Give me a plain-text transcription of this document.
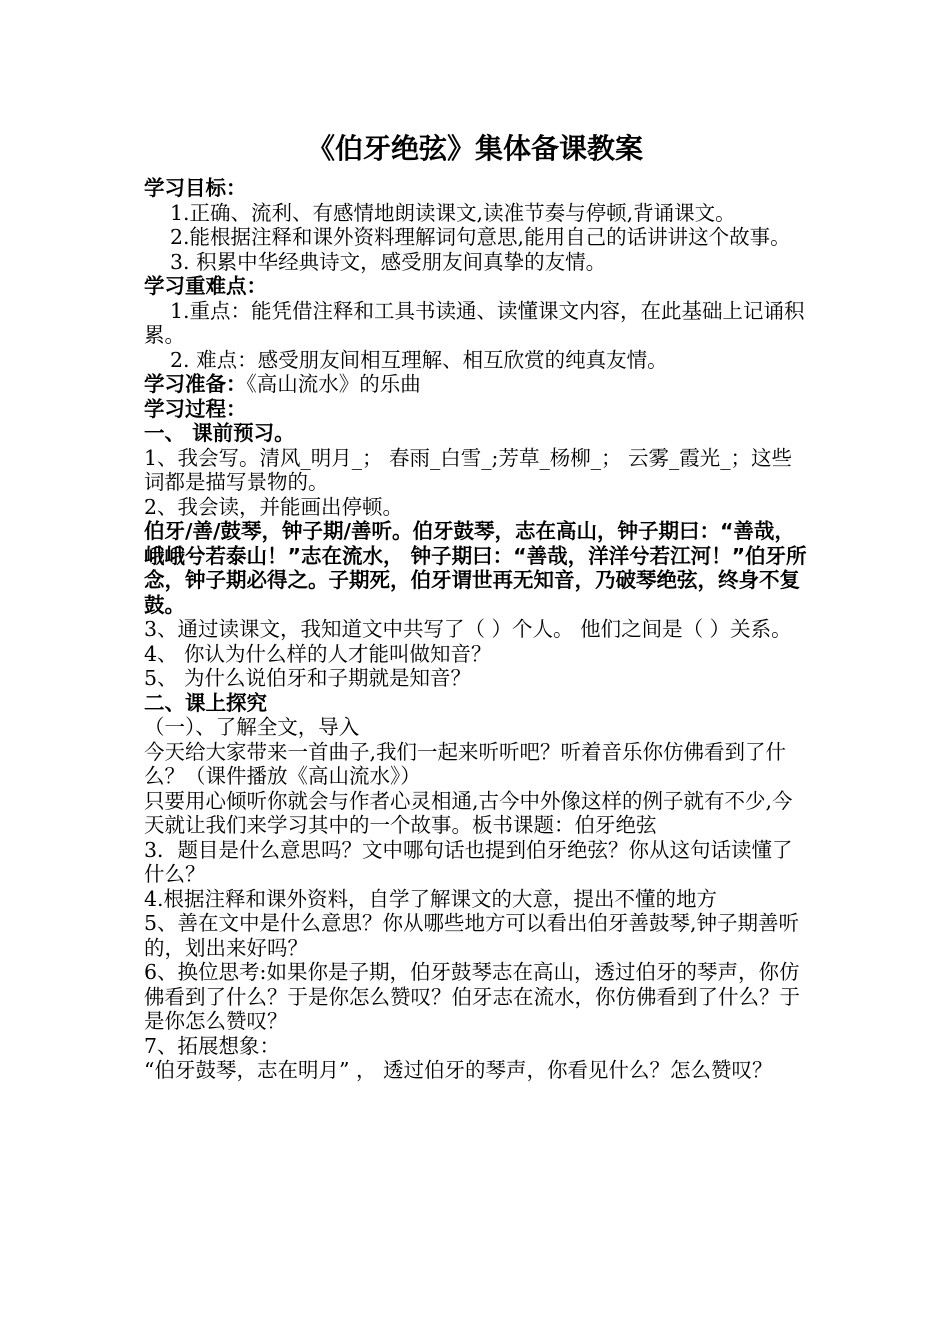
《伯牙绝弦》集体备课教案

学习目标：

1.正确、流利、有感情地朗读课文,读准节奏与停顿,背诵课文。

2.能根据注释和课外资料理解词句意思,能用自己的话讲讲这个故事。

3. 积累中华经典诗文，感受朋友间真挚的友情。

学习重难点：

1.重点：能凭借注释和工具书读通、读懂课文内容，在此基础上记诵积累。

2. 难点：感受朋友间相互理解、相互欣赏的纯真友情。

学习准备：《高山流水》的乐曲

学习过程：

一、 课前预习。

1、我会写。清风_明月_； 春雨_白雪_;芳草_杨柳_； 云雾_霞光_；这些词都是描写景物的。

2、我会读，并能画出停顿。

伯牙/善/鼓琴，钟子期/善听。伯牙鼓琴，志在高山，钟子期曰：“善哉，峨峨兮若泰山！”志在流水， 钟子期曰：“善哉，洋洋兮若江河！”伯牙所念，钟子期必得之。子期死，伯牙谓世再无知音，乃破琴绝弦，终身不复鼓。

3、通过读课文，我知道文中共写了（ ）个人。 他们之间是（ ）关系。

4、 你认为什么样的人才能叫做知音？

5、 为什么说伯牙和子期就是知音？

二、课上探究

（一）、了解全文，导入

今天给大家带来一首曲子,我们一起来听听吧？听着音乐你仿佛看到了什么？（课件播放《高山流水》）

只要用心倾听你就会与作者心灵相通,古今中外像这样的例子就有不少,今天就让我们来学习其中的一个故事。板书课题：伯牙绝弦

3．题目是什么意思吗？文中哪句话也提到伯牙绝弦？你从这句话读懂了什么？

4.根据注释和课外资料，自学了解课文的大意，提出不懂的地方

5、善在文中是什么意思？你从哪些地方可以看出伯牙善鼓琴,钟子期善听的，划出来好吗？

6、换位思考:如果你是子期，伯牙鼓琴志在高山，透过伯牙的琴声，你仿佛看到了什么？于是你怎么赞叹？伯牙志在流水，你仿佛看到了什么？于是你怎么赞叹？

7、拓展想象：

“伯牙鼓琴，志在明月” ， 透过伯牙的琴声，你看见什么？怎么赞叹？
